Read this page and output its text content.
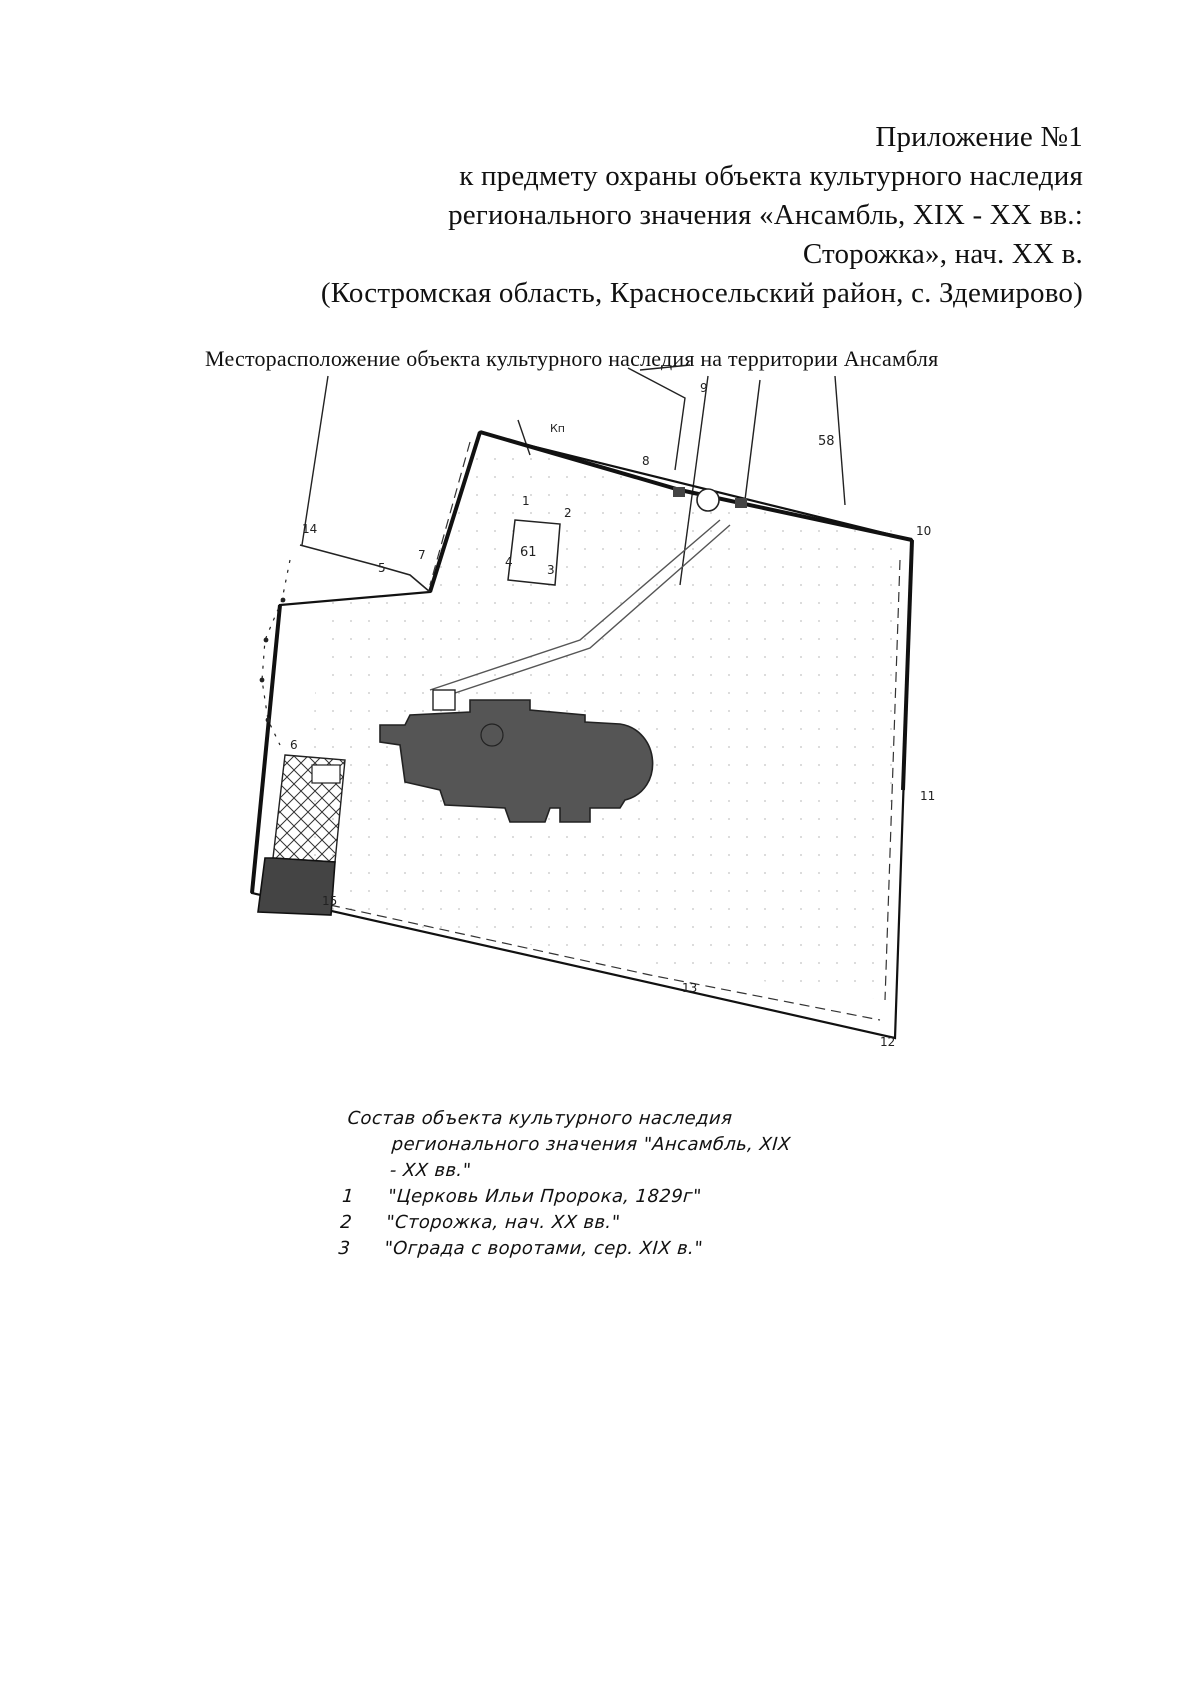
Приложение №1
к предмету охраны объекта культурного наследия
регионального значения «Ансамбль, XIX - XX вв.:
Сторожка», нач. XX в.
(Костромская область, Красносельский район, с. Здемирово)
Месторасположение объекта культурного наследия на территории Ансамбля
1
2
3
4
5
6
7
8
9
10
11
12
13
14
15
58
61
Кп
Состав объекта культурного наследия
регионального значения "Ансамбль, XIX
- XX вв."
1	"Церковь Ильи Пророка, 1829г"
2	"Сторожка, нач. XX вв."
3	"Ограда с воротами, сер. XIX в."
